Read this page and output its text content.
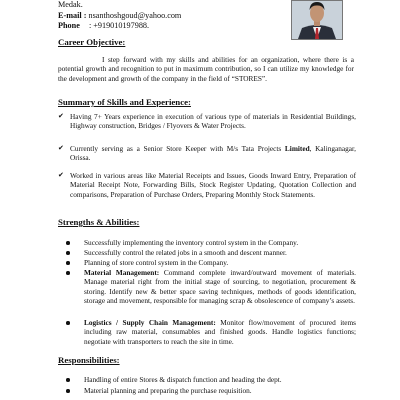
Medak.
E-mail : nsanthoshgoud@yahoo.com
Phone : +919010197988.
Career Objective:
I step forward with my skills and abilities for an organization, where there is a potential growth and recognition to put in maximum contribution, so I can utilize my knowledge for the development and growth of the company in the field of “STORES”.
Summary of Skills and Experience:
✔ Having 7+ Years experience in execution of various type of materials in Residential Buildings, Highway construction, Bridges / Flyovers & Water Projects.
✔ Currently serving as a Senior Store Keeper with M/s Tata Projects Limited, Kalinganagar, Orissa.
✔ Worked in various areas like Material Receipts and Issues, Goods Inward Entry, Preparation of Material Receipt Note, Forwarding Bills, Stock Register Updating, Quotation Collection and comparisons, Preparation of Purchase Orders, Preparing Monthly Stock Statements.
Strengths & Abilities:
Successfully implementing the inventory control system in the Company.
Successfully control the related jobs in a smooth and descent manner.
Planning of store control system in the Company.
Material Management: Command complete inward/outward movement of materials. Manage material right from the initial stage of sourcing, to negotiation, procurement & storing. Identify new & better space saving techniques, methods of goods identification, storage and movement, responsible for managing scrap & obsolescence of company’s assets.
Logistics / Supply Chain Management: Monitor flow/movement of procured items including raw material, consumables and finished goods. Handle logistics functions; negotiate with transporters to reach the site in time.
Responsibilities:
Handling of entire Stores & dispatch function and heading the dept.
Material planning and preparing the purchase requisition.
